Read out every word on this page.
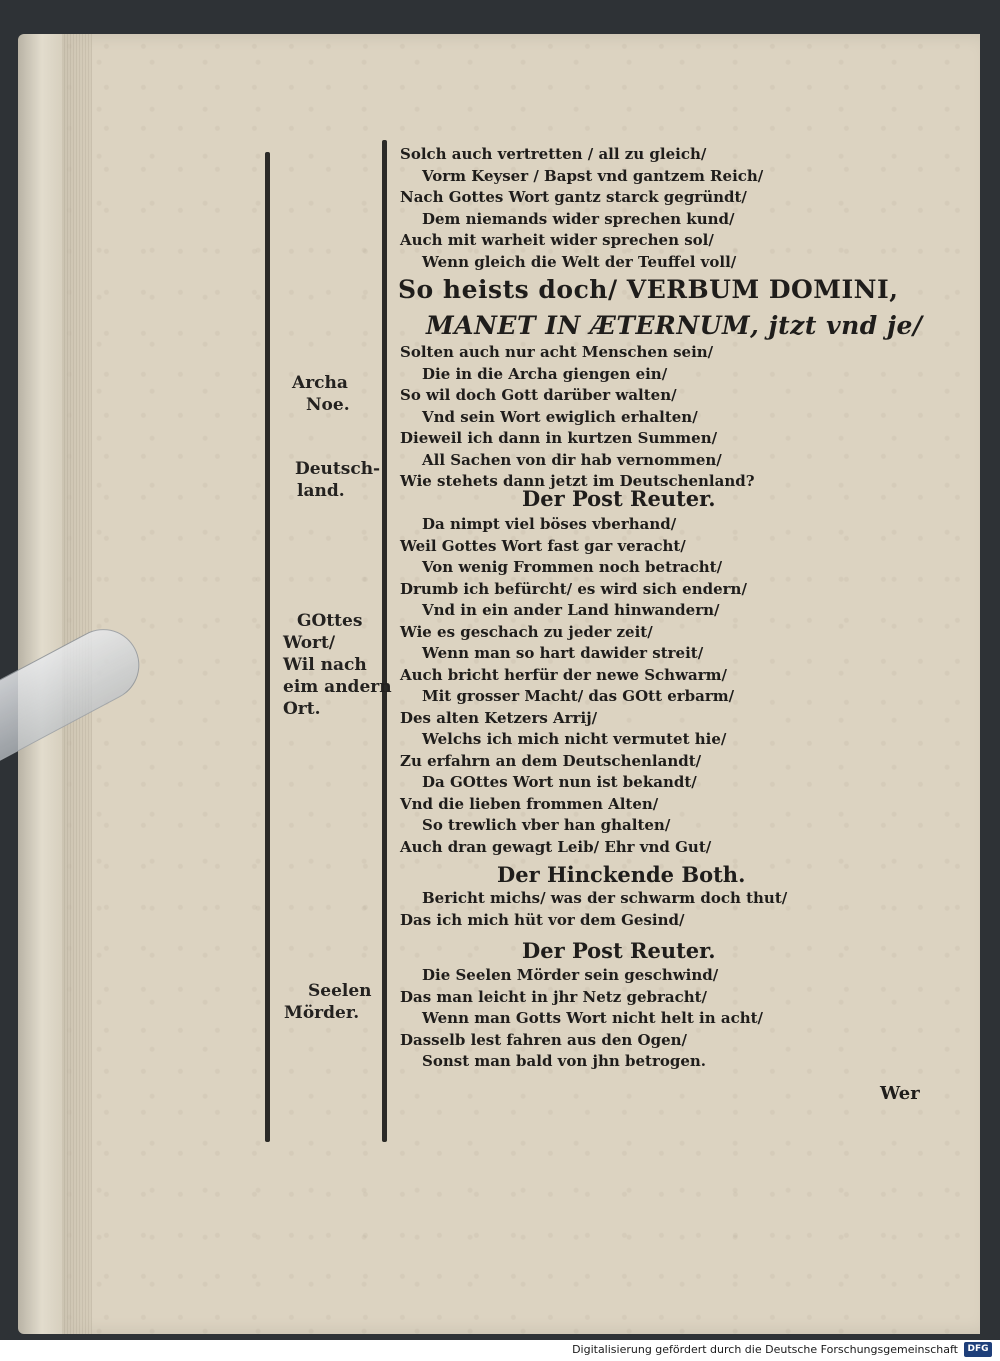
Archa
Noe.
Deutsch-
land.
GOttes
Wort/
Wil nach
eim andern
Ort.
Seelen
Mörder.
Solch auch vertretten / all zu gleich/
Vorm Keyser / Bapst vnd gantzem Reich/
Nach Gottes Wort gantz starck gegründt/
Dem niemands wider sprechen kund/
Auch mit warheit wider sprechen sol/
Wenn gleich die Welt der Teuffel voll/
So heists doch/ VERBUM DOMINI,
MANET IN ÆTERNUM, jtzt vnd je/
Solten auch nur acht Menschen sein/
Die in die Archa giengen ein/
So wil doch Gott darüber walten/
Vnd sein Wort ewiglich erhalten/
Dieweil ich dann in kurtzen Summen/
All Sachen von dir hab vernommen/
Wie stehets dann jetzt im Deutschenland?
Der Post Reuter.
Da nimpt viel böses vberhand/
Weil Gottes Wort fast gar veracht/
Von wenig Frommen noch betracht/
Drumb ich befürcht/ es wird sich endern/
Vnd in ein ander Land hinwandern/
Wie es geschach zu jeder zeit/
Wenn man so hart dawider streit/
Auch bricht herfür der newe Schwarm/
Mit grosser Macht/ das GOtt erbarm/
Des alten Ketzers Arrij/
Welchs ich mich nicht vermutet hie/
Zu erfahrn an dem Deutschenlandt/
Da GOttes Wort nun ist bekandt/
Vnd die lieben frommen Alten/
So trewlich vber han ghalten/
Auch dran gewagt Leib/ Ehr vnd Gut/
Der Hinckende Both.
Bericht michs/ was der schwarm doch thut/
Das ich mich hüt vor dem Gesind/
Der Post Reuter.
Die Seelen Mörder sein geschwind/
Das man leicht in jhr Netz gebracht/
Wenn man Gotts Wort nicht helt in acht/
Dasselb lest fahren aus den Ogen/
Sonst man bald von jhn betrogen.
Wer
Digitalisierung gefördert durch die Deutsche Forschungsgemeinschaft	DFG
